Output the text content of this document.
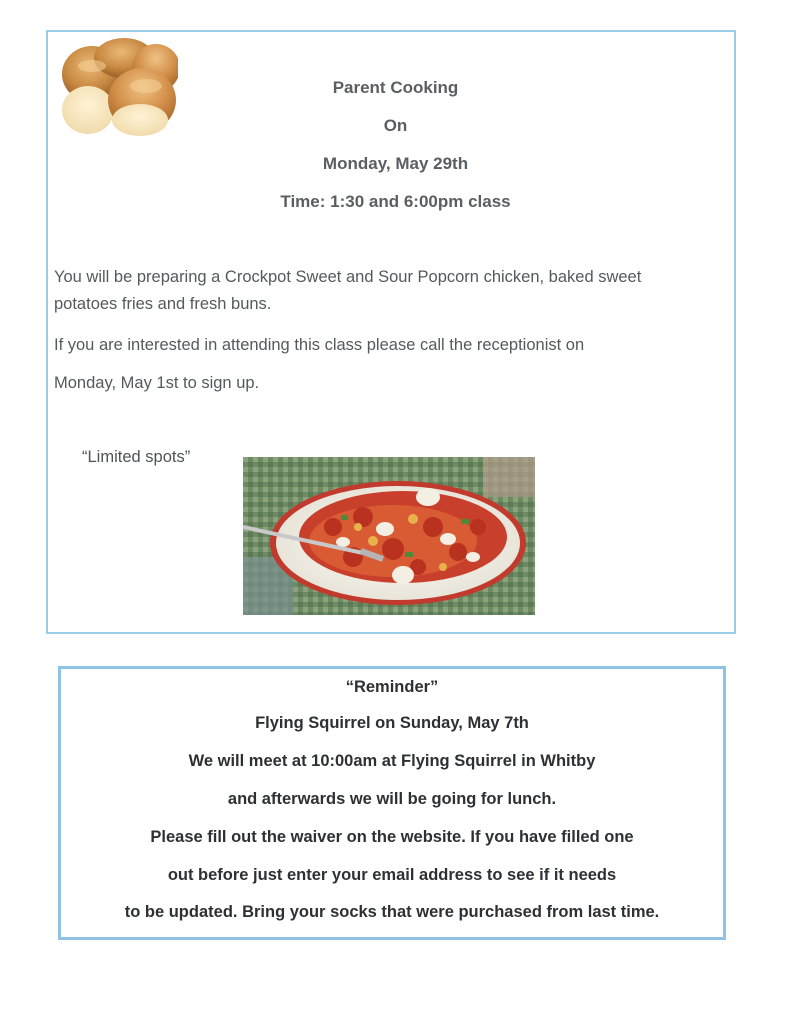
Parent Cooking
On
Monday, May 29th
Time: 1:30 and 6:00pm class
You will be preparing a Crockpot Sweet and Sour Popcorn chicken, baked sweet
potatoes fries and fresh buns.
If you are interested in attending this class please call the receptionist on
Monday, May 1st to sign up.
“Limited spots”
“Reminder”
Flying Squirrel on Sunday, May 7th
We will meet at 10:00am at Flying Squirrel in Whitby
and afterwards we will be going for lunch.
Please fill out the waiver on the website. If you have filled one
out before just enter your email address to see if it needs
to be updated. Bring your socks that were purchased from last time.
